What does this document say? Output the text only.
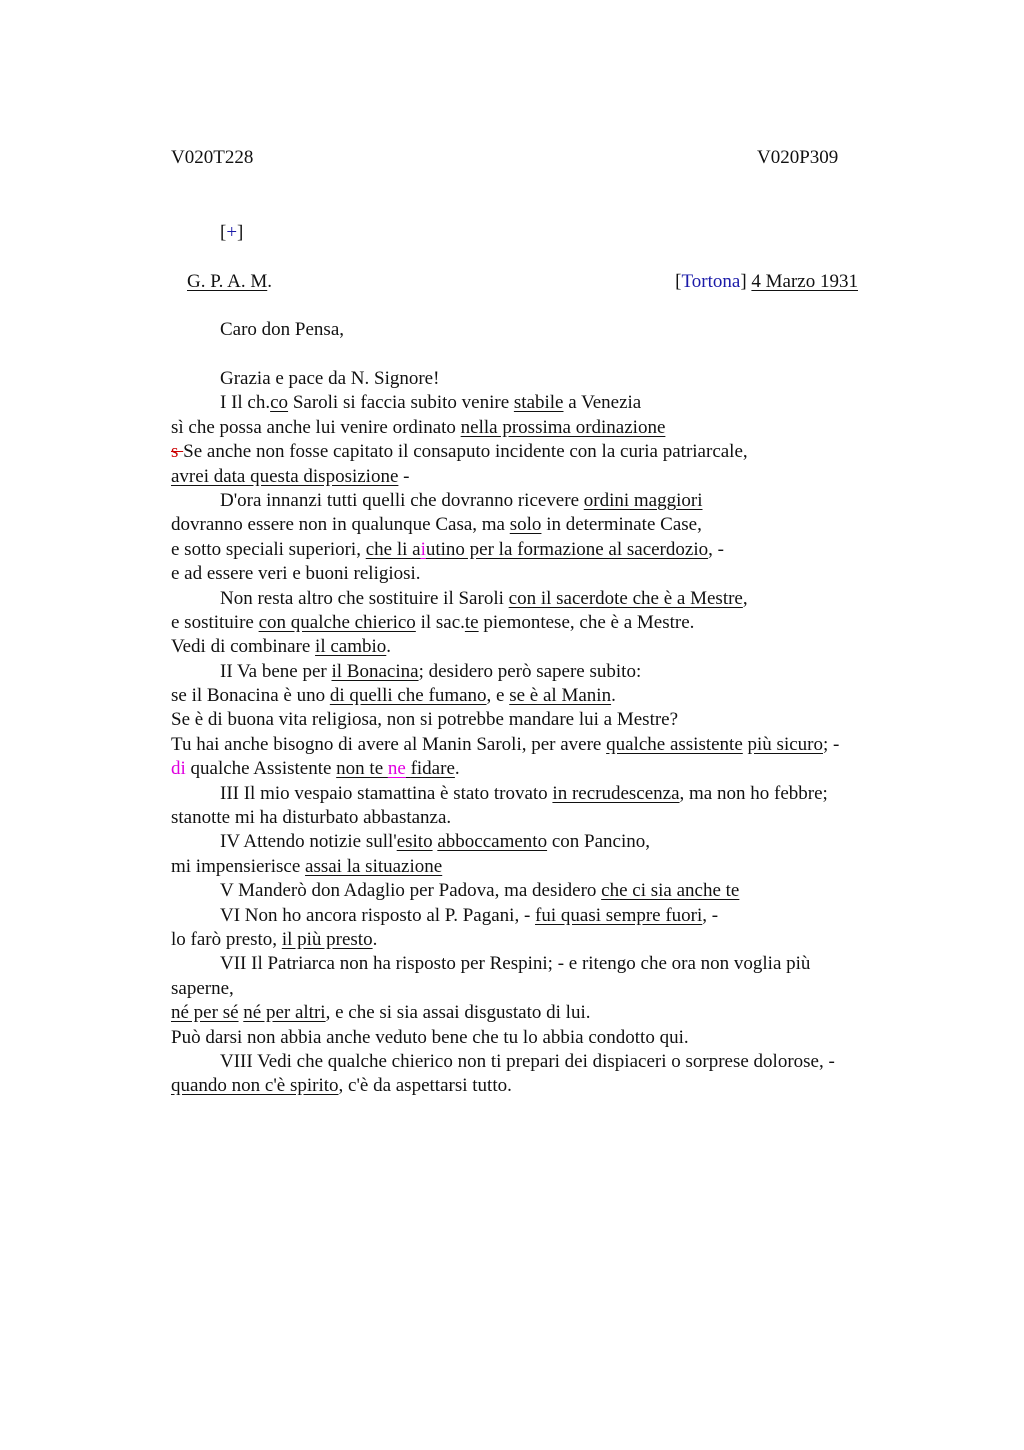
V020T228	V020P309
[+]
G. P. A. M.	[Tortona] 4 Marzo 1931
Caro don Pensa,
Grazia e pace da N. Signore!
I Il ch.co Saroli si faccia subito venire stabile a Venezia
sì che possa anche lui venire ordinato nella prossima ordinazione
s Se anche non fosse capitato il consaputo incidente con la curia patriarcale,
avrei data questa disposizione -
D'ora innanzi tutti quelli che dovranno ricevere ordini maggiori
dovranno essere non in qualunque Casa, ma solo in determinate Case,
e sotto speciali superiori, che li aiutino per la formazione al sacerdozio, -
e ad essere veri e buoni religiosi.
Non resta altro che sostituire il Saroli con il sacerdote che è a Mestre,
e sostituire con qualche chierico il sac.te piemontese, che è a Mestre.
Vedi di combinare il cambio.
II Va bene per il Bonacina; desidero però sapere subito:
se il Bonacina è uno di quelli che fumano, e se è al Manin.
Se è di buona vita religiosa, non si potrebbe mandare lui a Mestre?
Tu hai anche bisogno di avere al Manin Saroli, per avere qualche assistente più sicuro; -
di qualche Assistente non te ne fidare.
III Il mio vespaio stamattina è stato trovato in recrudescenza, ma non ho febbre;
stanotte mi ha disturbato abbastanza.
IV Attendo notizie sull'esito abboccamento con Pancino,
mi impensierisce assai la situazione
V Manderò don Adaglio per Padova, ma desidero che ci sia anche te
VI Non ho ancora risposto al P. Pagani, - fui quasi sempre fuori, -
lo farò presto, il più presto.
VII Il Patriarca non ha risposto per Respini; - e ritengo che ora non voglia più
saperne,
né per sé né per altri, e che si sia assai disgustato di lui.
Può darsi non abbia anche veduto bene che tu lo abbia condotto qui.
VIII Vedi che qualche chierico non ti prepari dei dispiaceri o sorprese dolorose, -
quando non c'è spirito, c'è da aspettarsi tutto.
